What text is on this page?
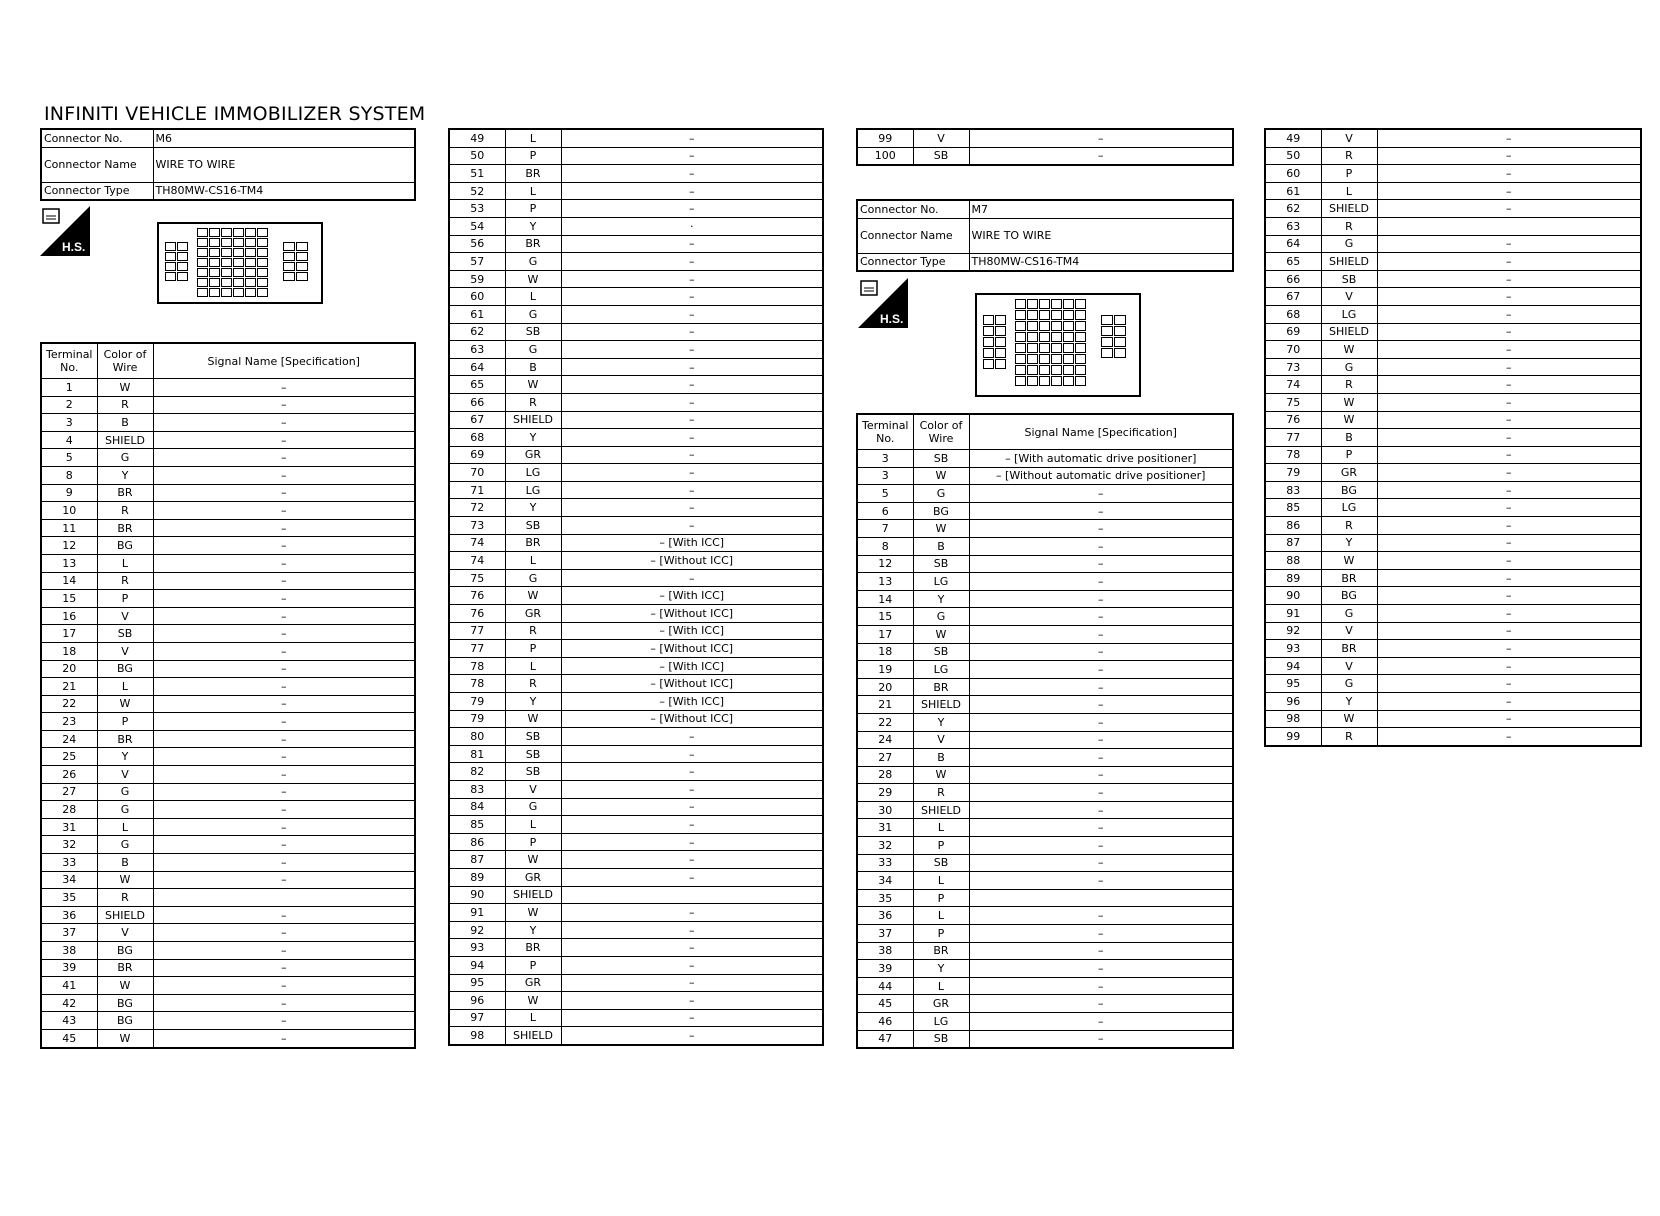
INFINITI VEHICLE IMMOBILIZER SYSTEM
Connector No.	M6
Connector Name	WIRE TO WIRE
Connector Type	TH80MW-CS16-TM4
H.S.
Terminal No.	Color of Wire	Signal Name [Specification]
1	W	–
2	R	–
3	B	–
4	SHIELD	–
5	G	–
8	Y	–
9	BR	–
10	R	–
11	BR	–
12	BG	–
13	L	–
14	R	–
15	P	–
16	V	–
17	SB	–
18	V	–
20	BG	–
21	L	–
22	W	–
23	P	–
24	BR	–
25	Y	–
26	V	–
27	G	–
28	G	–
31	L	–
32	G	–
33	B	–
34	W	–
35	R	
36	SHIELD	–
37	V	–
38	BG	–
39	BR	–
41	W	–
42	BG	–
43	BG	–
45	W	–
49	L	–
50	P	–
51	BR	–
52	L	–
53	P	–
54	Y	·
56	BR	–
57	G	–
59	W	–
60	L	–
61	G	–
62	SB	–
63	G	–
64	B	–
65	W	–
66	R	–
67	SHIELD	–
68	Y	–
69	GR	–
70	LG	–
71	LG	–
72	Y	–
73	SB	–
74	BR	– [With ICC]
74	L	– [Without ICC]
75	G	–
76	W	– [With ICC]
76	GR	– [Without ICC]
77	R	– [With ICC]
77	P	– [Without ICC]
78	L	– [With ICC]
78	R	– [Without ICC]
79	Y	– [With ICC]
79	W	– [Without ICC]
80	SB	–
81	SB	–
82	SB	–
83	V	–
84	G	–
85	L	–
86	P	–
87	W	–
89	GR	–
90	SHIELD	
91	W	–
92	Y	–
93	BR	–
94	P	–
95	GR	–
96	W	–
97	L	–
98	SHIELD	–
99	V	–
100	SB	–
Connector No.	M7
Connector Name	WIRE TO WIRE
Connector Type	TH80MW-CS16-TM4
H.S.
Terminal No.	Color of Wire	Signal Name [Specification]
3	SB	– [With automatic drive positioner]
3	W	– [Without automatic drive positioner]
5	G	–
6	BG	–
7	W	–
8	B	–
12	SB	–
13	LG	–
14	Y	–
15	G	–
17	W	–
18	SB	–
19	LG	–
20	BR	–
21	SHIELD	–
22	Y	–
24	V	–
27	B	–
28	W	–
29	R	–
30	SHIELD	–
31	L	–
32	P	–
33	SB	–
34	L	–
35	P	
36	L	–
37	P	–
38	BR	–
39	Y	–
44	L	–
45	GR	–
46	LG	–
47	SB	–
49	V	–
50	R	–
60	P	–
61	L	–
62	SHIELD	–
63	R	
64	G	–
65	SHIELD	–
66	SB	–
67	V	–
68	LG	–
69	SHIELD	–
70	W	–
73	G	–
74	R	–
75	W	–
76	W	–
77	B	–
78	P	–
79	GR	–
83	BG	–
85	LG	–
86	R	–
87	Y	–
88	W	–
89	BR	–
90	BG	–
91	G	–
92	V	–
93	BR	–
94	V	–
95	G	–
96	Y	–
98	W	–
99	R	–
